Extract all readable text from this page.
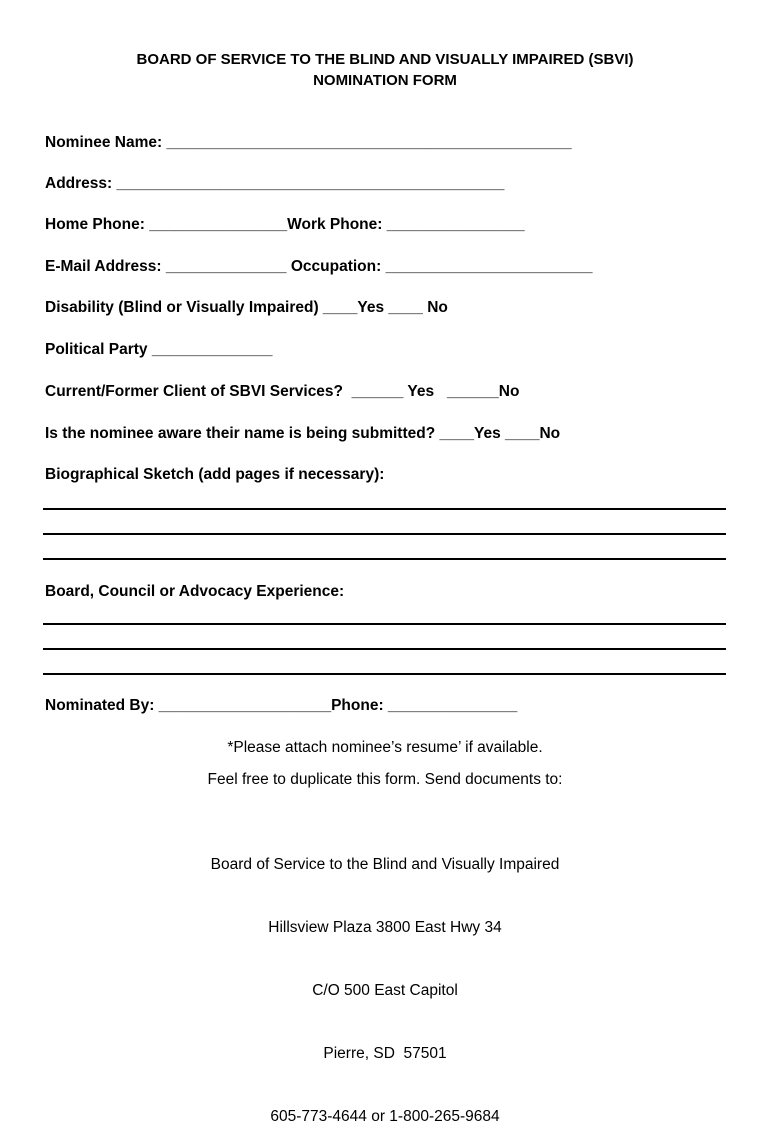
BOARD OF SERVICE TO THE BLIND AND VISUALLY IMPAIRED (SBVI)
NOMINATION FORM
Nominee Name: _______________________________________________
Address: _____________________________________________
Home Phone: ________________Work Phone: ________________
E-Mail Address: ______________ Occupation: ________________________
Disability (Blind or Visually Impaired) ____Yes ____ No
Political Party ______________
Current/Former Client of SBVI Services?  ______ Yes   ______No
Is the nominee aware their name is being submitted? ____Yes ____No
Biographical Sketch (add pages if necessary):
Board, Council or Advocacy Experience:
Nominated By: ____________________Phone: _______________
*Please attach nominee’s resume’ if available.
Feel free to duplicate this form. Send documents to:

Board of Service to the Blind and Visually Impaired

Hillsview Plaza 3800 East Hwy 34

C/O 500 East Capitol

Pierre, SD  57501

605-773-4644 or 1-800-265-9684
